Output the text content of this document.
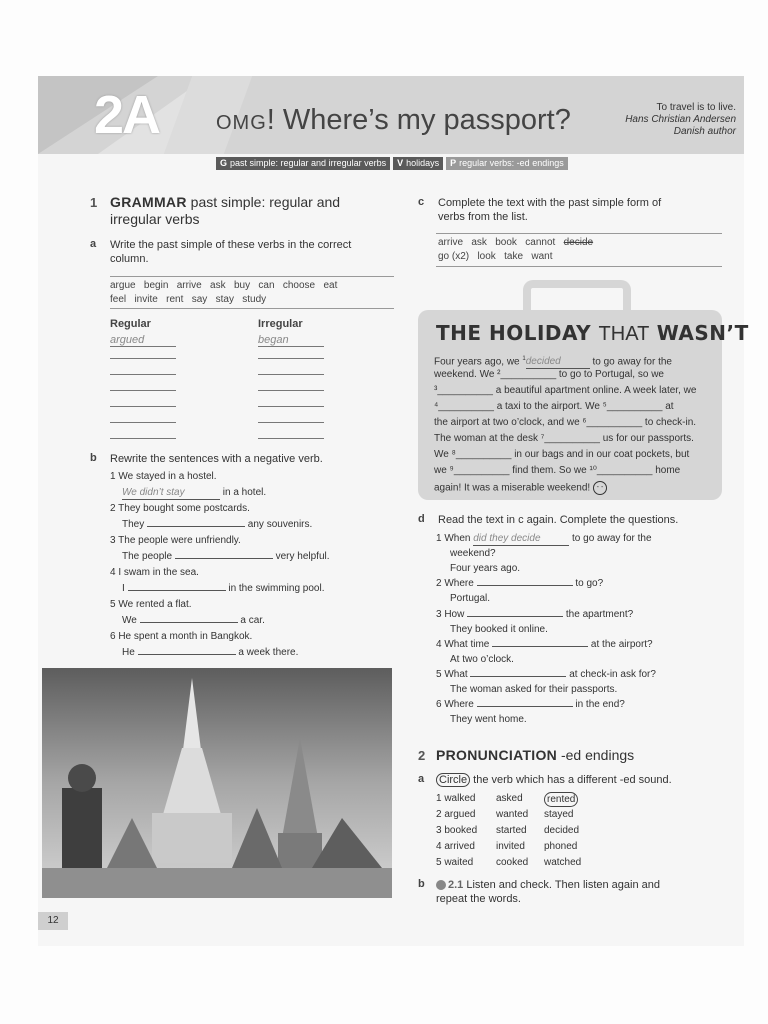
2A	OMG! Where’s my passport?	To travel is to live.
Hans Christian Andersen
Danish author
G past simple: regular and irregular verbs	V holidays	P regular verbs: -ed endings
1 GRAMMAR past simple: regular and
irregular verbs
a Write the past simple of these verbs in the correct
column.
argue   begin   arrive   ask   buy   can   choose   eat
feel   invite   rent   say   stay   study
Regular	Irregular
argued	began
b Rewrite the sentences with a negative verb.
1 We stayed in a hostel.
We didn’t stay	in a hotel.
2 They bought some postcards.
They	any souvenirs.
3 The people were unfriendly.
The people	very helpful.
4 I swam in the sea.
I	in the swimming pool.
5 We rented a flat.
We	a car.
6 He spent a month in Bangkok.
He	a week there.
c Complete the text with the past simple form of
verbs from the list.
arrive   ask   book   cannot   decide
go (x2)   look   take   want
THE HOLIDAY THAT WASN’T
Four years ago, we $^1$decided	to go away for the
weekend. We ²__________ to go to Portugal, so we
³__________ a beautiful apartment online. A week later, we
⁴__________ a taxi to the airport. We ⁵__________ at
the airport at two o’clock, and we ⁶__________ to check-in.
The woman at the desk ⁷__________ us for our passports.
We ⁸__________ in our bags and in our coat pockets, but
we ⁹__________ find them. So we ¹⁰__________ home
again! It was a miserable weekend! - -
d Read the text in c again. Complete the questions.
1 When did they decide	to go away for the
weekend?
Four years ago.
2 Where	to go?
Portugal.
3 How	the apartment?
They booked it online.
4 What time	at the airport?
At two o’clock.
5 What	at check-in ask for?
The woman asked for their passports.
6 Where	in the end?
They went home.
2 PRONUNCIATION -ed endings
a Circle the verb which has a different -ed sound.
1 walked asked	rented
2 argued wanted stayed
3 booked started decided
4 arrived invited phoned
5 waited cooked watched
b	2.1 Listen and check. Then listen again and
repeat the words.
12
